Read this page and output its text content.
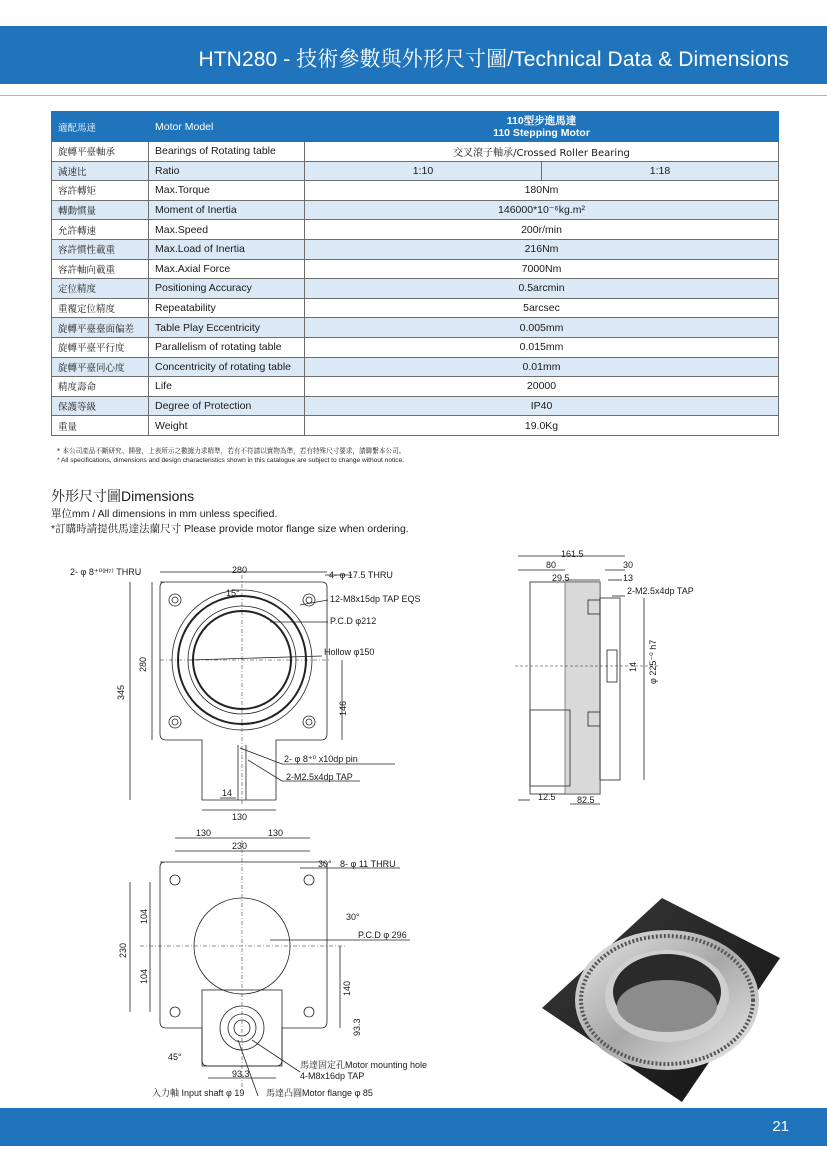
HTN280 - 技術參數與外形尺寸圖/Technical Data & Dimensions
適配馬達	Motor Model	110型步進馬達
110 Stepping Motor	

旋轉平臺軸承	Bearings of Rotating table	交叉滾子軸承/Crossed Roller Bearing	
減速比	Ratio	1:10	1:18
容許轉矩	Max.Torque	180Nm	
轉動慣量	Moment of Inertia	146000*10⁻⁶kg.m²	
允許轉速	Max.Speed	200r/min	
容許慣性載重	Max.Load of Inertia	216Nm	
容許軸向載重	Max.Axial Force	7000Nm	
定位精度	Positioning Accuracy	0.5arcmin	
重覆定位精度	Repeatability	5arcsec	
旋轉平臺臺面偏差	Table Play Eccentricity	0.005mm	
旋轉平臺平行度	Parallelism of rotating table	0.015mm	
旋轉平臺同心度	Concentricity of rotating table	0.01mm	
精度壽命	Life	20000	
保護等級	Degree of Protection	IP40	
重量	Weight	19.0Kg	
* 本公司產品不斷研究、開發，上表所示之數據力求精準，若有不符請以實物為準，若有特殊尺寸要求，請聯繫本公司。
* All specifications, dimensions and design characteristics shown in this catalogue are subject to change without notice.
外形尺寸圖Dimensions
單位mm / All dimensions in mm unless specified.
*訂購時請提供馬達法蘭尺寸 Please provide motor flange size when ordering.
2- φ 8⁺⁰⁽ᴴ⁷⁾ THRU	280	4- φ 17.5 THRU
15°
12-M8x15dp TAP EQS
P.C.D φ212
Hollow φ150
345
280
146
2- φ 8⁺⁰ x10dp pin
2-M2.5x4dp TAP
14
130
161.5
80	30
29.5	13
2-M2.5x4dp TAP
14 φ 225⁻⁰ h7
12.5 82.5
130	130
230
30° 8- φ 11 THRU
30°
P.C.D φ 296
230
104
104
140
93.3
45°
93.3
馬達固定孔Motor mounting hole
4-M8x16dp TAP
入力軸 Input shaft φ 19 馬達凸圓Motor flange φ 85
21
